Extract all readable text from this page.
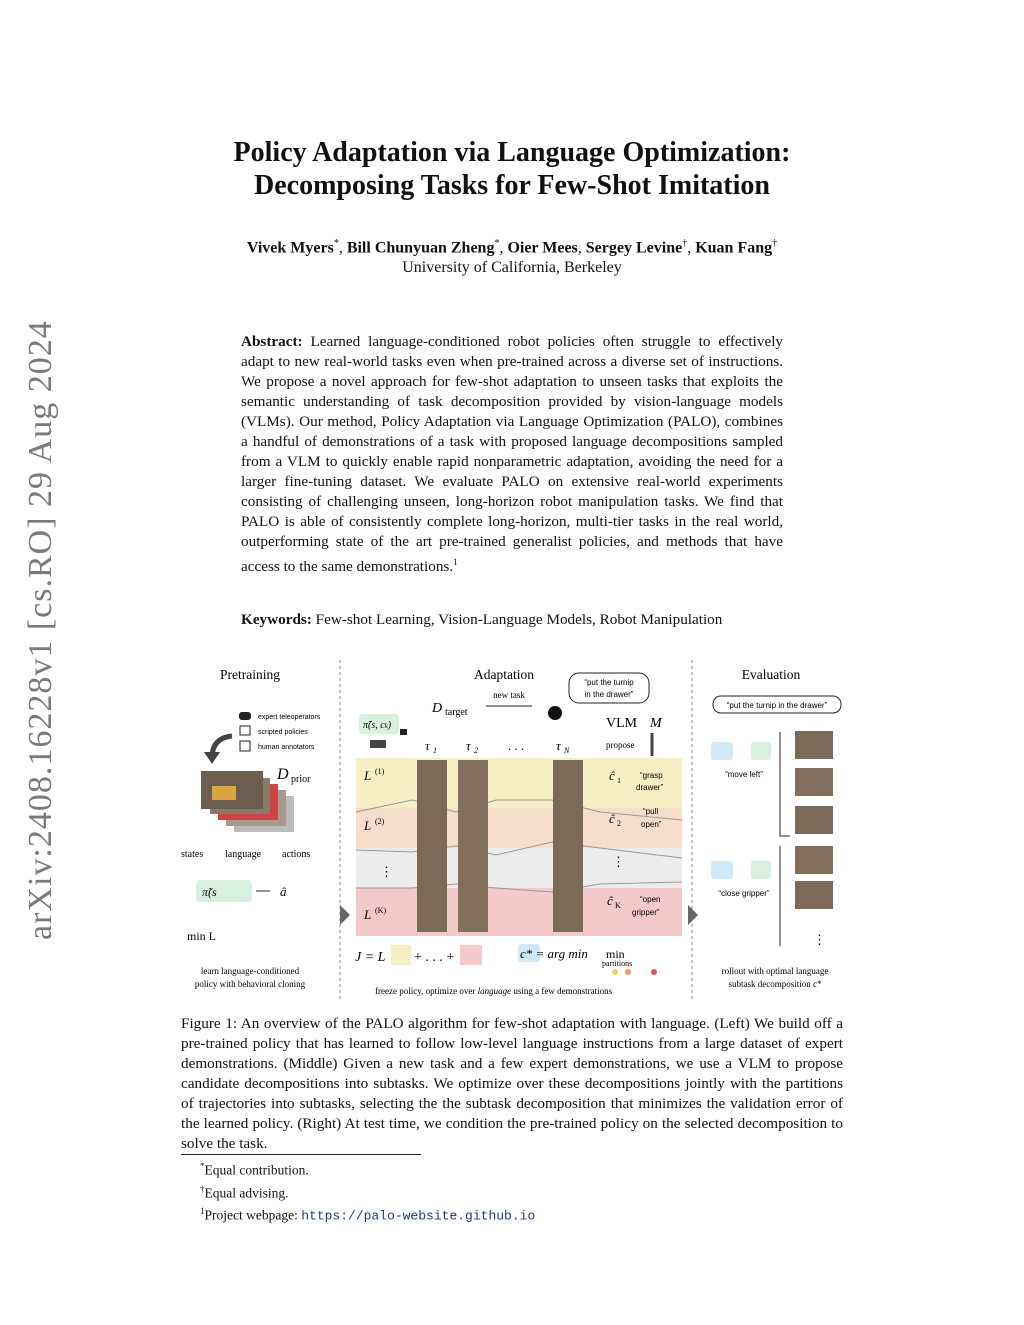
arXiv:2408.16228v1 [cs.RO] 29 Aug 2024
Policy Adaptation via Language Optimization:
Decomposing Tasks for Few-Shot Imitation
Vivek Myers*, Bill Chunyuan Zheng*, Oier Mees, Sergey Levine†, Kuan Fang†
University of California, Berkeley
Abstract: Learned language-conditioned robot policies often struggle to effectively adapt to new real-world tasks even when pre-trained across a diverse set of instructions. We propose a novel approach for few-shot adaptation to unseen tasks that exploits the semantic understanding of task decomposition provided by vision-language models (VLMs). Our method, Policy Adaptation via Language Optimization (PALO), combines a handful of demonstrations of a task with proposed language decompositions sampled from a VLM to quickly enable rapid nonparametric adaptation, avoiding the need for a larger fine-tuning dataset. We evaluate PALO on extensive real-world experiments consisting of challenging unseen, long-horizon robot manipulation tasks. We find that PALO is able of consistently complete long-horizon, multi-tier tasks in the real world, outperforming state of the art pre-trained generalist policies, and methods that have access to the same demonstrations.$^1$
Keywords: Few-shot Learning, Vision-Language Models, Robot Manipulation
Pretraining
expert teleoperators
scripted policies
human annotators
D prior
states language actions
π̃(s	â
min L
learn language-conditioned
policy with behavioral cloning
Adaptation
new task
D target
“put the turnip
in the drawer”
π̃(s, ck)	VLM M
propose
τ 1 τ 2 . . . τ N
L (1)
L (2)
⋮
L (K)
ĉ 1
“grasp
drawer”
ĉ 2
“pull
open”
⋮
ĉ K
“open
gripper”
J = L + . . . +	c* = arg min min
partitions
freeze policy, optimize over language using a few demonstrations
Evaluation
“put the turnip in the drawer”
“move left”
“close gripper”
⋮
rollout with optimal language
subtask decomposition c*
Figure 1: An overview of the PALO algorithm for few-shot adaptation with language. (Left) We build off a pre-trained policy that has learned to follow low-level language instructions from a large dataset of expert demonstrations. (Middle) Given a new task and a few expert demonstrations, we use a VLM to propose candidate decompositions into subtasks. We optimize over these decompositions jointly with the partitions of trajectories into subtasks, selecting the the subtask decomposition that minimizes the validation error of the learned policy. (Right) At test time, we condition the pre-trained policy on the selected decomposition to solve the task.
*Equal contribution.
†Equal advising.
$^1$Project webpage: https://palo-website.github.io
